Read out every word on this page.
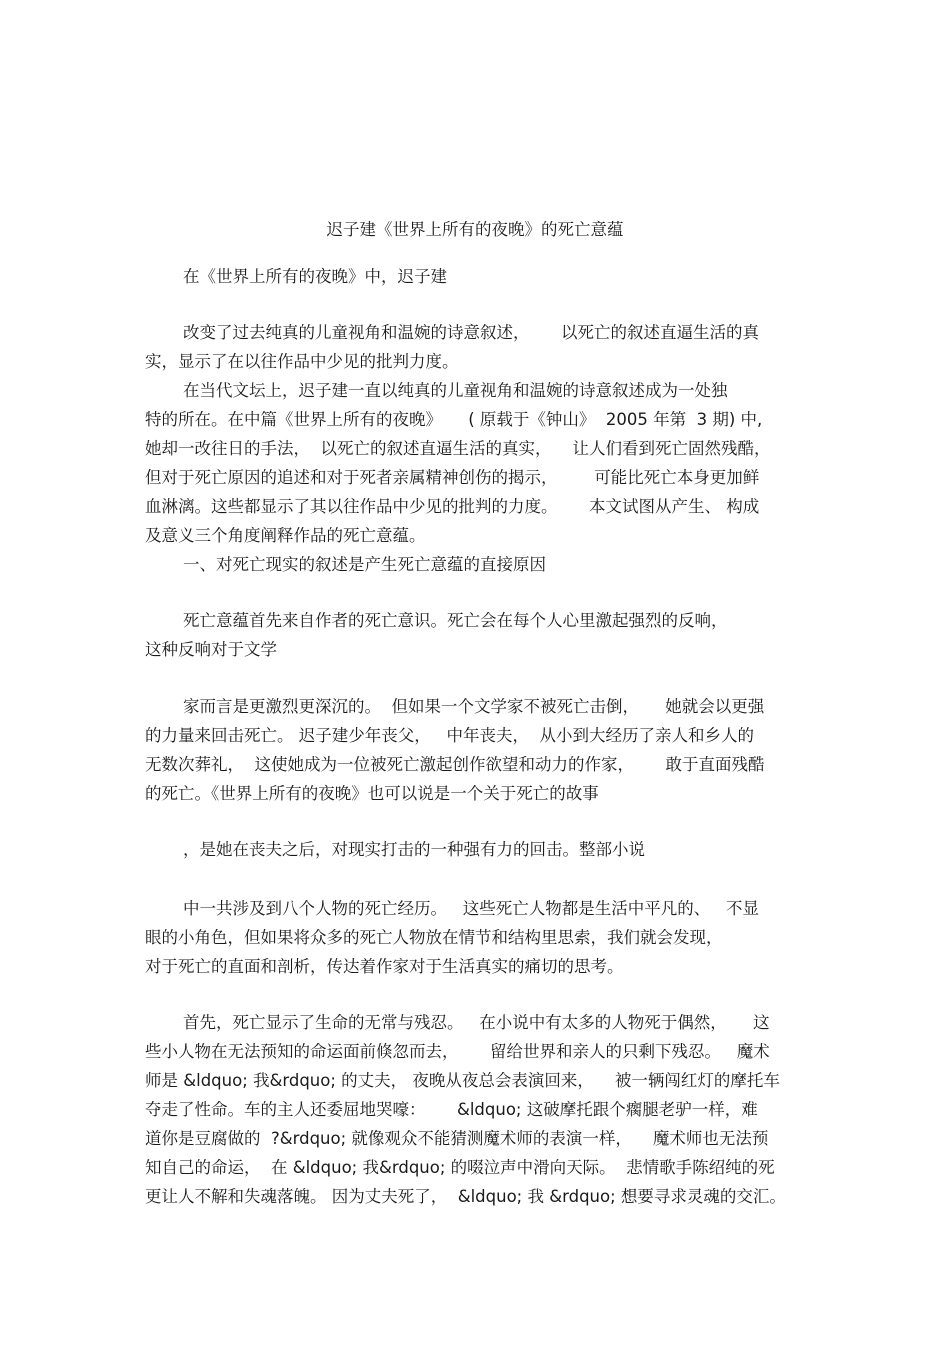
迟子建《世界上所有的夜晚》的死亡意蕴
在《世界上所有的夜晚》中，迟子建
改变了过去纯真的儿童视角和温婉的诗意叙述，      以死亡的叙述直逼生活的真
实，显示了在以往作品中少见的批判力度。
在当代文坛上，迟子建一直以纯真的儿童视角和温婉的诗意叙述成为一处独
特的所在。在中篇《世界上所有的夜晚》     ( 原载于《钟山》  2005 年第  3 期) 中,
她却一改往日的手法，  以死亡的叙述直逼生活的真实，    让人们看到死亡固然残酷，
但对于死亡原因的追述和对于死者亲属精神创伤的揭示，       可能比死亡本身更加鲜
血淋漓。这些都显示了其以往作品中少见的批判的力度。      本文试图从产生、 构成
及意义三个角度阐释作品的死亡意蕴。
一、对死亡现实的叙述是产生死亡意蕴的直接原因
死亡意蕴首先来自作者的死亡意识。死亡会在每个人心里激起强烈的反响，
这种反响对于文学
家而言是更激烈更深沉的。  但如果一个文学家不被死亡击倒，     她就会以更强
的力量来回击死亡。 迟子建少年丧父，   中年丧夫，  从小到大经历了亲人和乡人的
无数次葬礼，  这使她成为一位被死亡激起创作欲望和动力的作家，      敢于直面残酷
的死亡。《世界上所有的夜晚》也可以说是一个关于死亡的故事
，是她在丧夫之后，对现实打击的一种强有力的回击。整部小说
中一共涉及到八个人物的死亡经历。   这些死亡人物都是生活中平凡的、   不显
眼的小角色，但如果将众多的死亡人物放在情节和结构里思索，我们就会发现，
对于死亡的直面和剖析，传达着作家对于生活真实的痛切的思考。
首先，死亡显示了生命的无常与残忍。   在小说中有太多的人物死于偶然，     这
些小人物在无法预知的命运面前倏忽而去，      留给世界和亲人的只剩下残忍。   魔术
师是 &ldquo; 我&rdquo; 的丈夫， 夜晚从夜总会表演回来，    被一辆闯红灯的摩托车
夺走了性命。车的主人还委屈地哭嚎：      &ldquo; 这破摩托跟个瘸腿老驴一样，难
道你是豆腐做的  ?&rdquo; 就像观众不能猜测魔术师的表演一样，    魔术师也无法预
知自己的命运，  在 &ldquo; 我&rdquo; 的啜泣声中滑向天际。  悲情歌手陈绍纯的死
更让人不解和失魂落魄。 因为丈夫死了，  &ldquo; 我 &rdquo; 想要寻求灵魂的交汇。
